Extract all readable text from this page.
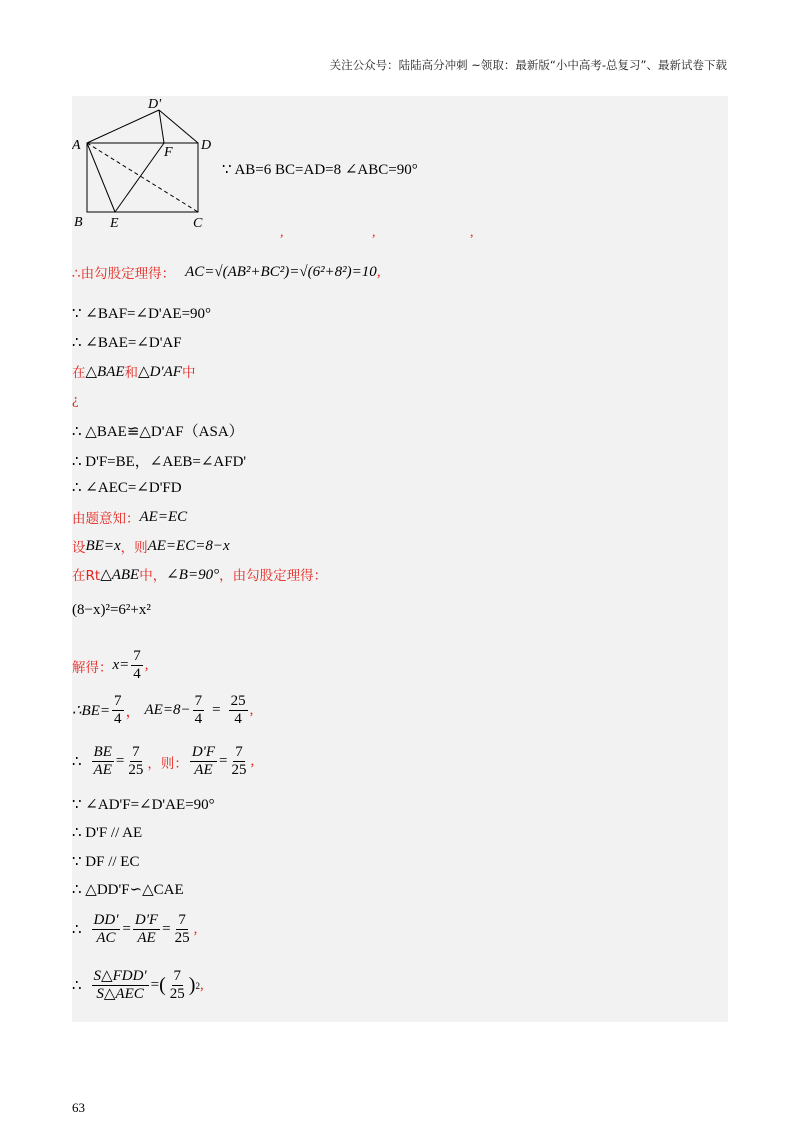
关注公众号：陆陆高分冲刺 ~领取：最新版“小中高考-总复习”、最新试卷下载
D'
A	F D
B E	C
∵ AB=6 BC=AD=8 ∠ABC=90°
,	,	,
∴由勾股定理得： AC=√(AB²+BC²)=√(6²+8²)=10 ,
∵ ∠BAF=∠D'AE=90°
∴ ∠BAE=∠D'AF
在 △BAE 和 △D'AF 中
¿
∴ △BAE≌△D'AF（ASA）
∴ D'F=BE，∠AEB=∠AFD'
∴ ∠AEC=∠D'FD
由题意知： AE=EC
设 BE=x ，则 AE=EC=8−x
在Rt △ABE 中， ∠B=90° ，由勾股定理得：
(8−x)²=6²+x²
解得： $x= \frac{7}{4}$ ,
∴BE= $\frac{7}{4}$ ， $AE=8- \frac{7}{4} = \frac{25}{4}$ ,
∴ $\frac{BE}{AE} = \frac{7}{25}$ ，则： $\frac{D'F}{AE} = \frac{7}{25}$ ,
∵ ∠AD'F=∠D'AE=90°
∴ D'F // AE
∵ DF // EC
∴ △DD'F∽△CAE
∴ $\frac{DD'}{AC} = \frac{D'F}{AE} = \frac{7}{25}$ ,
∴ $\frac{\text{S△FDD'}}{\text{S△AEC}}$ = ( $\frac{7}{25}$ ) 2 ,
63
